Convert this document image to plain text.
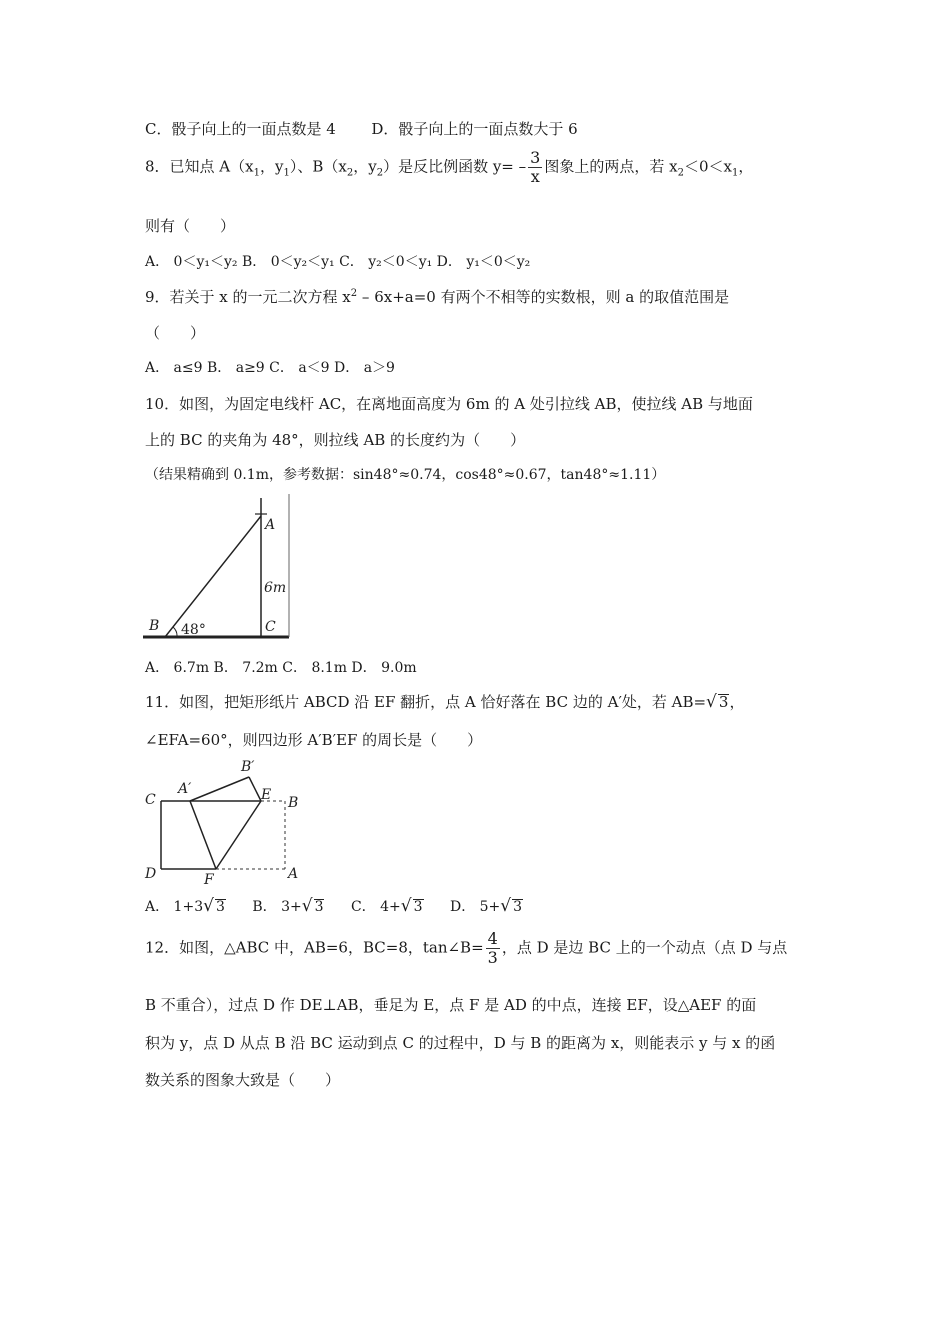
C．骰子向上的一面点数是 4 D．骰子向上的一面点数大于 6
8．已知点 $A(x_1$，$y_1$）、$B(x_2$，$y_2$）是反比例函数 $y= - \frac{3}{x}$ 图象上的两点，若 $x_2<0<x_1$，
则有（　　）
A． 0＜y₁＜y₂ B． 0＜y₂＜y₁ C． y₂＜0＜y₁ D． y₁＜0＜y₂
9．若关于 x 的一元二次方程 $x^2 - 6x+a=0$ 有两个不相等的实数根，则 a 的取值范围是
（　　）
A． a≤9 B． a≥9 C． a＜9 D． a＞9
10．如图，为固定电线杆 AC，在离地面高度为 6m 的 A 处引拉线 AB，使拉线 AB 与地面
上的 BC 的夹角为 48°，则拉线 AB 的长度约为（　　）
（结果精确到 0.1m，参考数据：sin48°≈0.74，cos48°≈0.67，tan48°≈1.11）
A
B	C
6m
48°
A． 6.7m B． 7.2m C． 8.1m D． 9.0m
11．如图，把矩形纸片 ABCD 沿 EF 翻折，点 A 恰好落在 BC 边的 A′处，若 AB=√ 3，
∠EFA=60°，则四边形 A′B′EF 的周长是（　　）
C
A′
B′
E B
D	F	A
A． 1+3√ 3 B． 3+√ 3 C． 4+√ 3 D． 5+√ 3
12．如图，△ABC 中，AB=6，BC=8，tan∠B= $\frac{4}{3}$ ，点 D 是边 BC 上的一个动点（点 D 与点
B 不重合），过点 D 作 DE⊥AB，垂足为 E，点 F 是 AD 的中点，连接 EF，设△AEF 的面
积为 y，点 D 从点 B 沿 BC 运动到点 C 的过程中，D 与 B 的距离为 x，则能表示 y 与 x 的函
数关系的图象大致是（　　）
